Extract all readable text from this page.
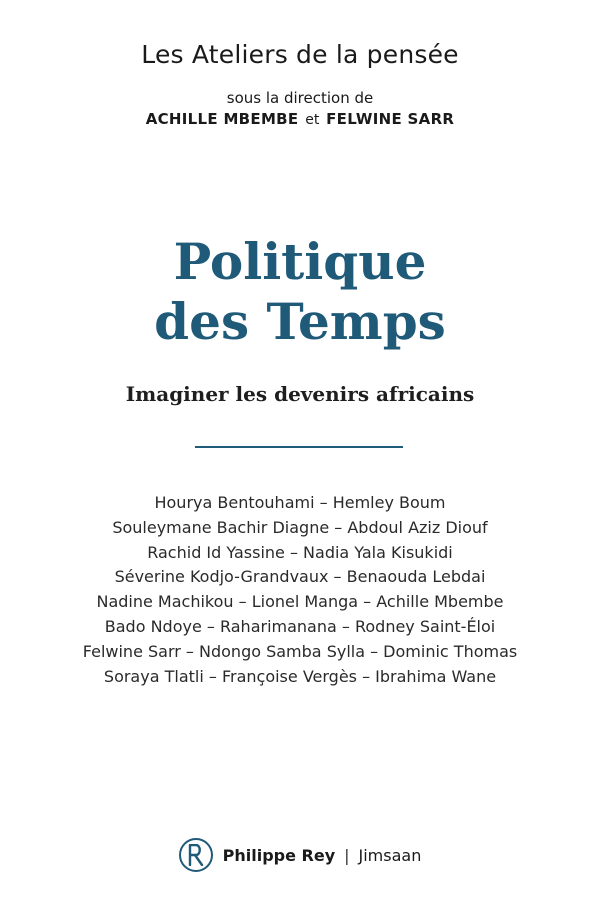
Les Ateliers de la pensée
sous la direction de
ACHILLE MBEMBE et FELWINE SARR
Politique
des Temps
Imaginer les devenirs africains
Hourya Bentouhami – Hemley Boum
Souleymane Bachir Diagne – Abdoul Aziz Diouf
Rachid Id Yassine – Nadia Yala Kisukidi
Séverine Kodjo-Grandvaux – Benaouda Lebdai
Nadine Machikou – Lionel Manga – Achille Mbembe
Bado Ndoye – Raharimanana – Rodney Saint-Éloi
Felwine Sarr – Ndongo Samba Sylla – Dominic Thomas
Soraya Tlatli – Françoise Vergès – Ibrahima Wane
Philippe Rey | Jimsaan
